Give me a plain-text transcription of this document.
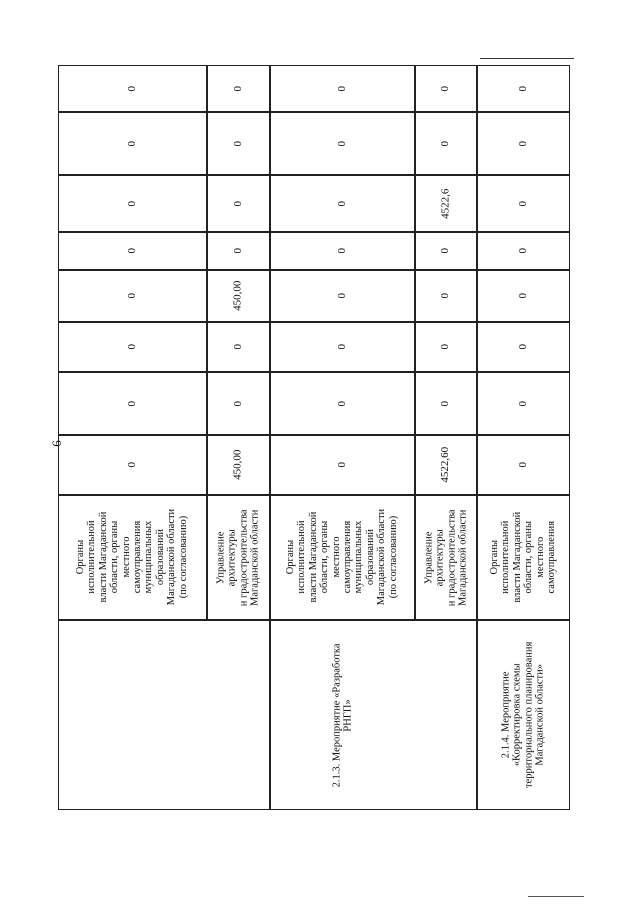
6
Органы
исполнительной
власти Магаданской
области, органы
местного
самоуправления
муниципальных
образований
Магаданской области
(по согласованию)
0
0
0
0
0
0
0
0
Управление
архитектуры
и градостроительства
Магаданской области
450,00
0
0
450,00
0
0
0
0
2.1.3. Мероприятие «Разработка
РНГП»
Органы
исполнительной
власти Магаданской
области, органы
местного
самоуправления
муниципальных
образований
Магаданской области
(по согласованию)
0
0
0
0
0
0
0
0
Управление
архитектуры
и градостроительства
Магаданской области
4522,60
0
0
0
0
4522,6
0
0
2.1.4. Мероприятие
«Корректировка схемы
территориального планирования
Магаданской области»
Органы
исполнительной
власти Магаданской
области, органы
местного
самоуправления
0
0
0
0
0
0
0
0
